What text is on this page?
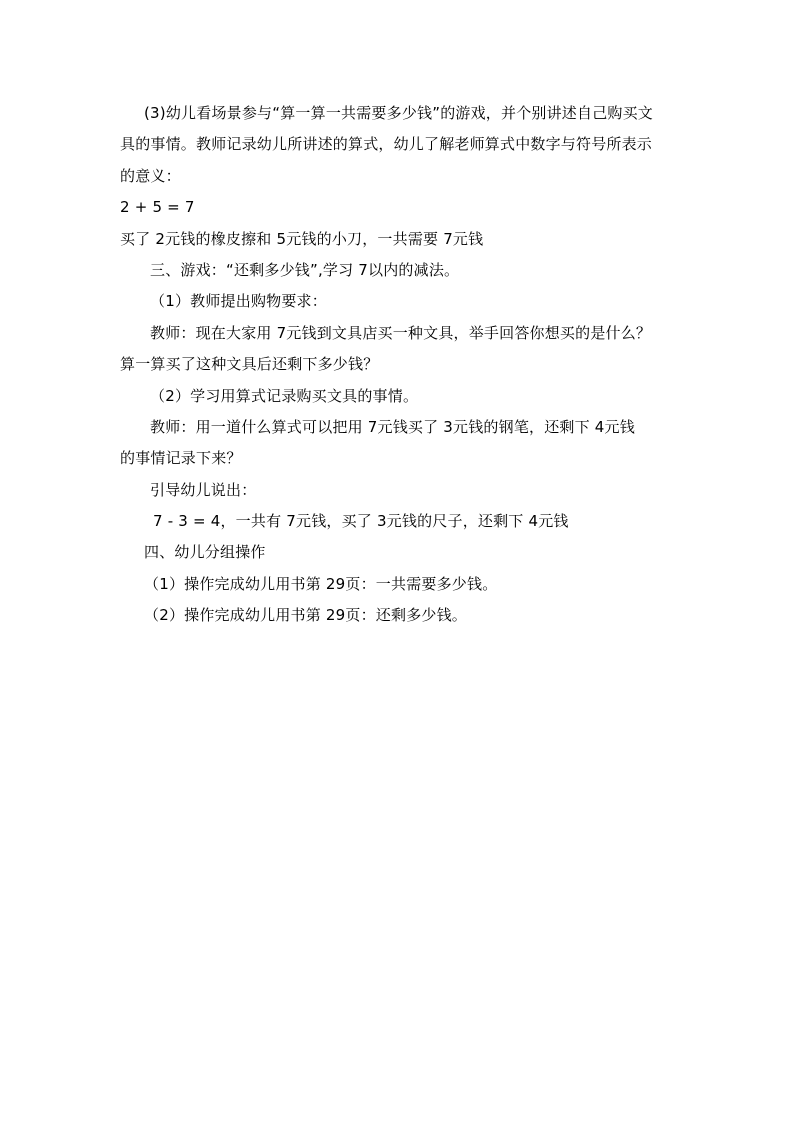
(3)幼儿看场景参与“算一算一共需要多少钱”的游戏，并个别讲述自己购买文
具的事情。教师记录幼儿所讲述的算式，幼儿了解老师算式中数字与符号所表示
的意义：
2 + 5 = 7
买了 2元钱的橡皮擦和 5元钱的小刀，一共需要 7元钱
三、游戏：“还剩多少钱”,学习 7以内的减法。
（1）教师提出购物要求：
教师：现在大家用 7元钱到文具店买一种文具，举手回答你想买的是什么？
算一算买了这种文具后还剩下多少钱？
（2）学习用算式记录购买文具的事情。
教师：用一道什么算式可以把用 7元钱买了 3元钱的钢笔，还剩下 4元钱
的事情记录下来？
引导幼儿说出：
7 - 3 = 4，一共有 7元钱，买了 3元钱的尺子，还剩下 4元钱
四、幼儿分组操作
（1）操作完成幼儿用书第 29页：一共需要多少钱。
（2）操作完成幼儿用书第 29页：还剩多少钱。
